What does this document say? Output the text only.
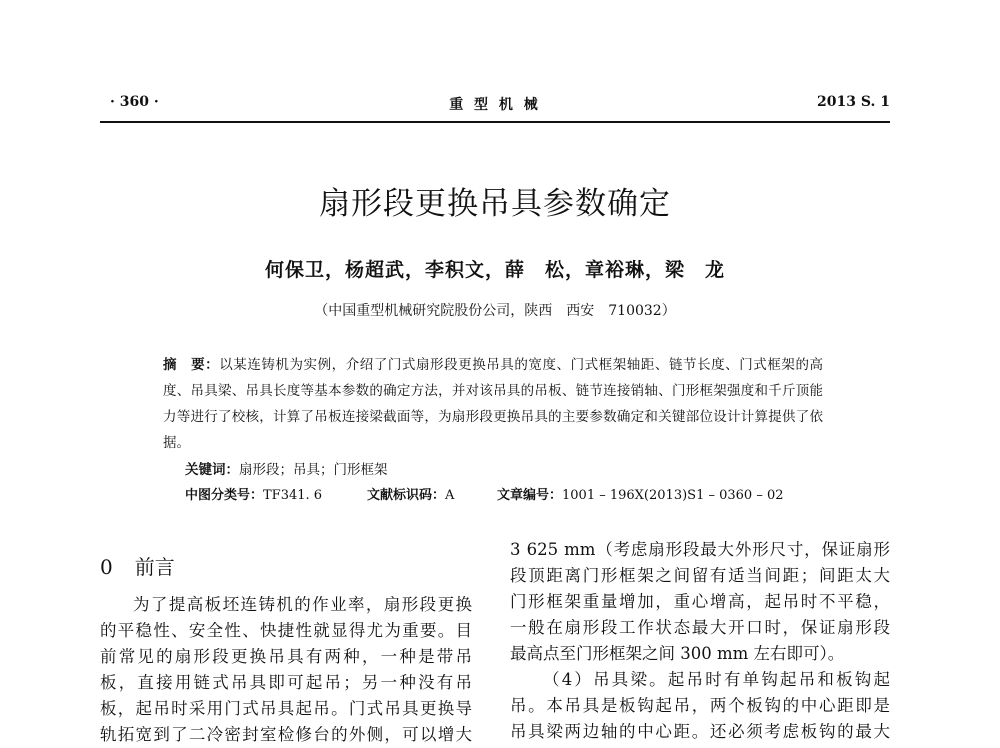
· 360 ·	重 型 机 械	2013 S. 1
扇形段更换吊具参数确定
何保卫，杨超武，李积文，薛　松，章裕琳，梁　龙
（中国重型机械研究院股份公司，陕西　西安　710032）
摘　要：以某连铸机为实例，介绍了门式扇形段更换吊具的宽度、门式框架轴距、链节长度、门式框架的高度、吊具梁、吊具长度等基本参数的确定方法，并对该吊具的吊板、链节连接销轴、门形框架强度和千斤顶能力等进行了校核，计算了吊板连接梁截面等，为扇形段更换吊具的主要参数确定和关键部位设计计算提供了依据。
关键词：扇形段；吊具；门形框架
中图分类号：TF341. 6	文献标识码：A	文章编号：1001 – 196X(2013)S1 – 0360 – 02
0 前言
为了提高板坯连铸机的作业率，扇形段更换
的平稳性、安全性、快捷性就显得尤为重要。目
前常见的扇形段更换吊具有两种，一种是带吊
板，直接用链式吊具即可起吊；另一种没有吊
板，起吊时采用门式吊具起吊。门式吊具更换导
轨拓宽到了二冷密封室检修台的外侧，可以增大
3 625 mm（考虑扇形段最大外形尺寸，保证扇形
段顶距离门形框架之间留有适当间距；间距太大
门形框架重量增加，重心增高，起吊时不平稳，
一般在扇形段工作状态最大开口时，保证扇形段
最高点至门形框架之间 300 mm 左右即可）。
（4）吊具梁。起吊时有单钩起吊和板钩起
吊。本吊具是板钩起吊，两个板钩的中心距即是
吊具梁两边轴的中心距。还必须考虑板钩的最大
